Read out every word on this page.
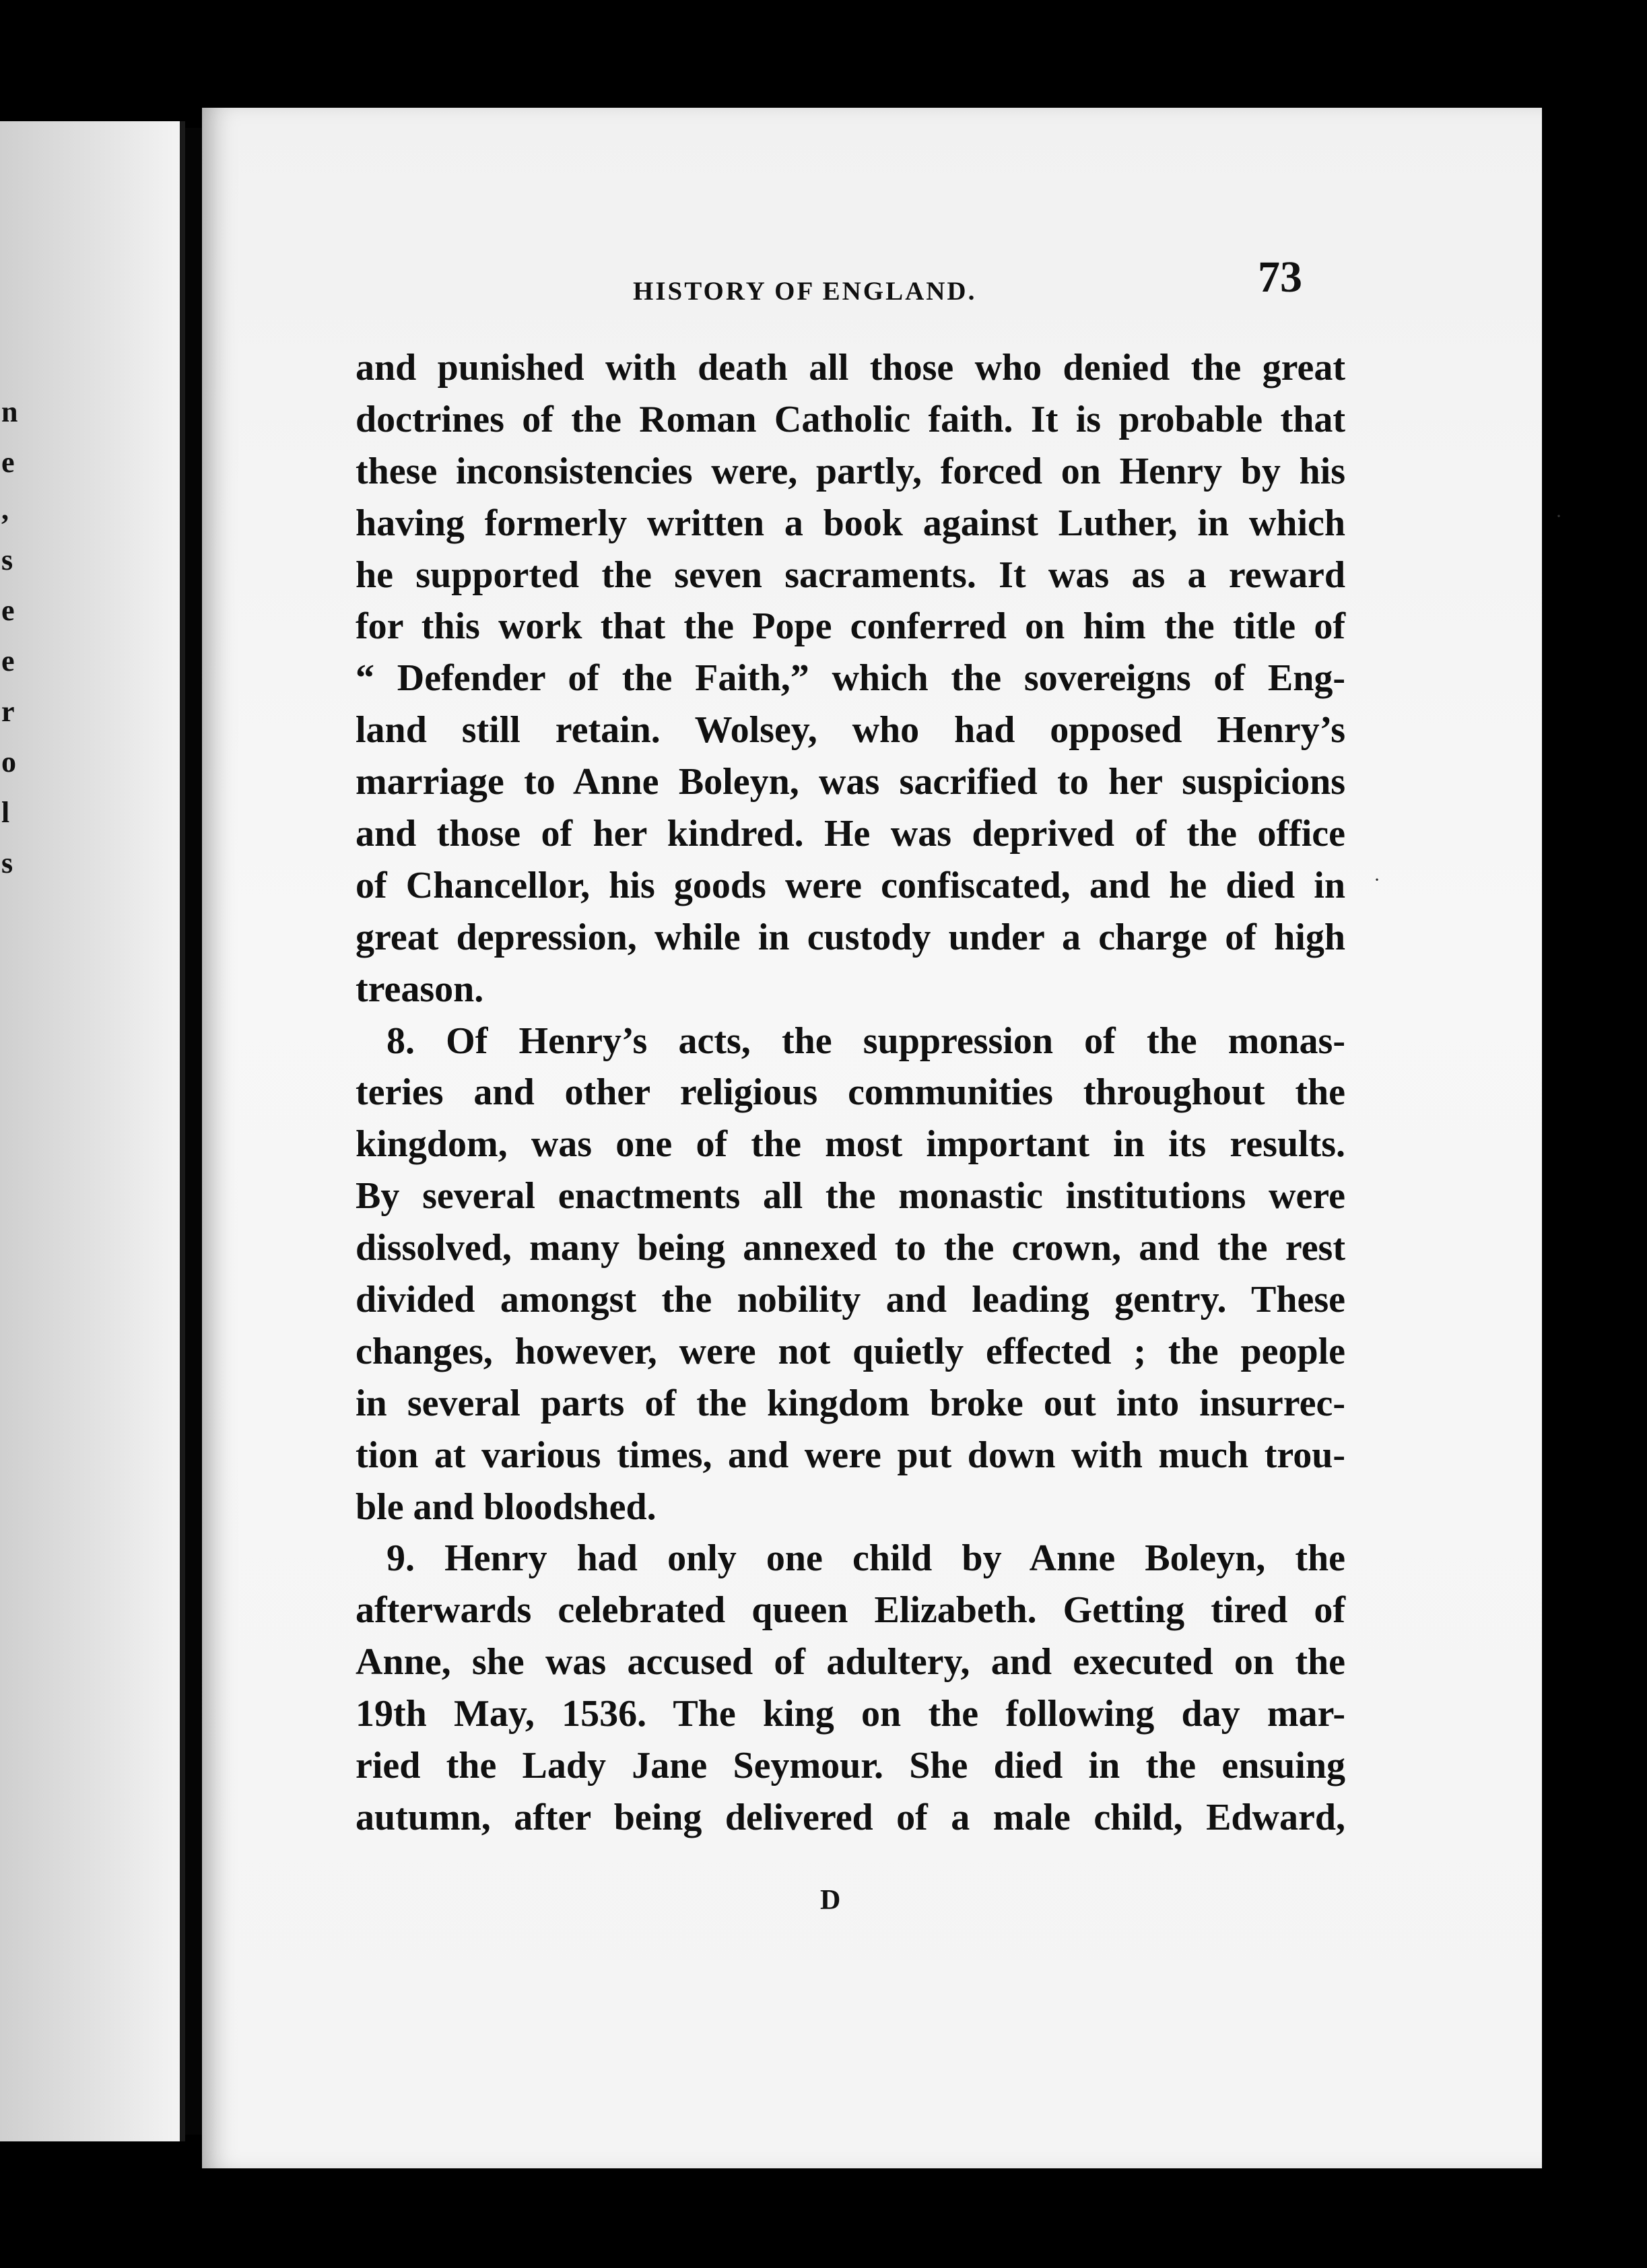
n
e
,
s
e
e
r
o
l
s
HISTORY OF ENGLAND.	73
and punished with death all those who denied the great
doctrines of the Roman Catholic faith. It is probable that
these inconsistencies were, partly, forced on Henry by his
having formerly written a book against Luther, in which
he supported the seven sacraments. It was as a reward
for this work that the Pope conferred on him the title of
“ Defender of the Faith,” which the sovereigns of Eng-
land still retain. Wolsey, who had opposed Henry’s
marriage to Anne Boleyn, was sacrified to her suspicions
and those of her kindred. He was deprived of the office
of Chancellor, his goods were confiscated, and he died in
great depression, while in custody under a charge of high
treason.
8. Of Henry’s acts, the suppression of the monas-
teries and other religious communities throughout the
kingdom, was one of the most important in its results.
By several enactments all the monastic institutions were
dissolved, many being annexed to the crown, and the rest
divided amongst the nobility and leading gentry. These
changes, however, were not quietly effected ; the people
in several parts of the kingdom broke out into insurrec-
tion at various times, and were put down with much trou-
ble and bloodshed.
9. Henry had only one child by Anne Boleyn, the
afterwards celebrated queen Elizabeth. Getting tired of
Anne, she was accused of adultery, and executed on the
19th May, 1536. The king on the following day mar-
ried the Lady Jane Seymour. She died in the ensuing
autumn, after being delivered of a male child, Edward,
D
·
·
